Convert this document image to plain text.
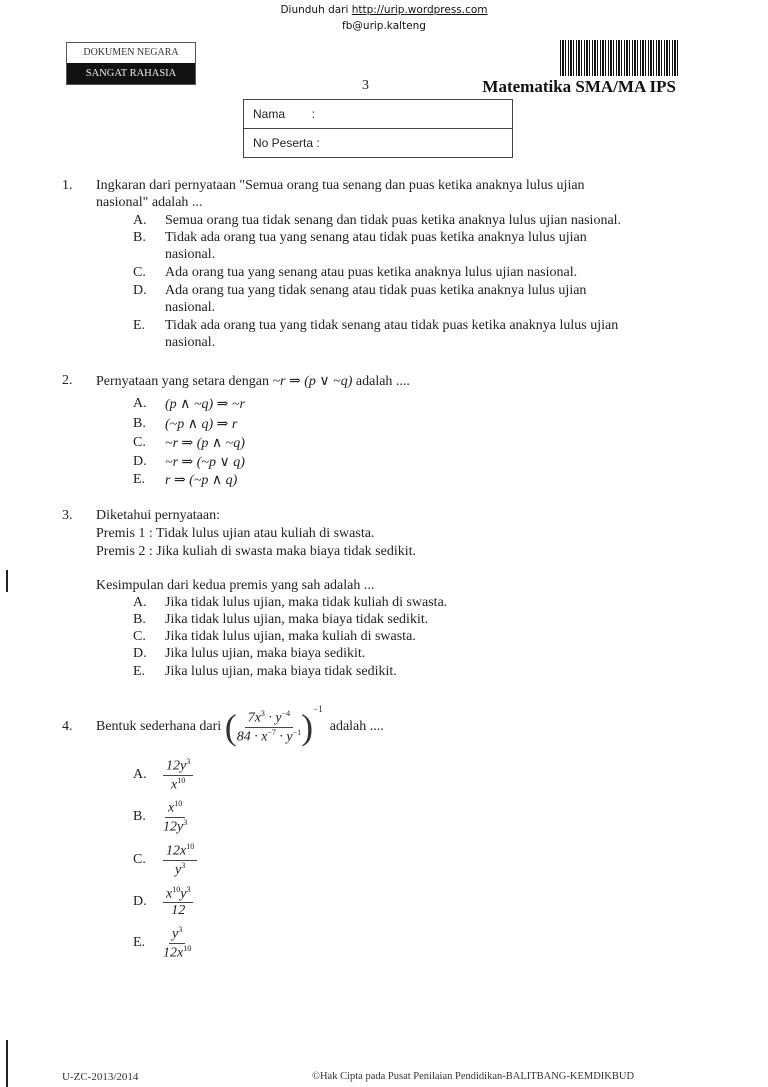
Diunduh dari http://urip.wordpress.com
fb@urip.kalteng
DOKUMEN NEGARA
SANGAT RAHASIA
3	Matematika SMA/MA IPS
Nama        :
No Peserta :
1. Ingkaran dari pernyataan "Semua orang tua senang dan puas ketika anaknya lulus ujian
nasional" adalah ...
A. Semua orang tua tidak senang dan tidak puas ketika anaknya lulus ujian nasional.
B. Tidak ada orang tua yang senang atau tidak puas ketika anaknya lulus ujian
nasional.
C. Ada orang tua yang senang atau puas ketika anaknya lulus ujian nasional.
D. Ada orang tua yang tidak senang atau tidak puas ketika anaknya lulus ujian
nasional.
E. Tidak ada orang tua yang tidak senang atau tidak puas ketika anaknya lulus ujian
nasional.
2. Pernyataan yang setara dengan ~r ⇒ (p ∨ ~q) adalah ....
A. (p ∧ ~q) ⇒ ~r
B. (~p ∧ q) ⇒ r
C. ~r ⇒ (p ∧ ~q)
D. ~r ⇒ (~p ∨ q)
E. r ⇒ (~p ∧ q)
3. Diketahui pernyataan:
Premis 1 : Tidak lulus ujian atau kuliah di swasta.
Premis 2 : Jika kuliah di swasta maka biaya tidak sedikit.
Kesimpulan dari kedua premis yang sah adalah ...
A. Jika tidak lulus ujian, maka tidak kuliah di swasta.
B. Jika tidak lulus ujian, maka biaya tidak sedikit.
C. Jika tidak lulus ujian, maka kuliah di swasta.
D. Jika lulus ujian, maka biaya sedikit.
E. Jika lulus ujian, maka biaya tidak sedikit.
4. Bentuk sederhana dari
( $\frac{7x^3 \cdot y^{-4}}{84 \cdot x^{-7} \cdot y^{-1}} )^{-1}$

adalah ....
A.	$\frac{12y^3}{x^{10}}$
B.	$\frac{x^{10}}{12y^3}$
C.	$\frac{12x^{10}}{y^3}$
D.	$\frac{x^{10}y^3}{12}$
E.	$\frac{y^3}{12x^{10}}$
U-ZC-2013/2014	©Hak Cipta pada Pusat Penilaian Pendidikan-BALITBANG-KEMDIKBUD
